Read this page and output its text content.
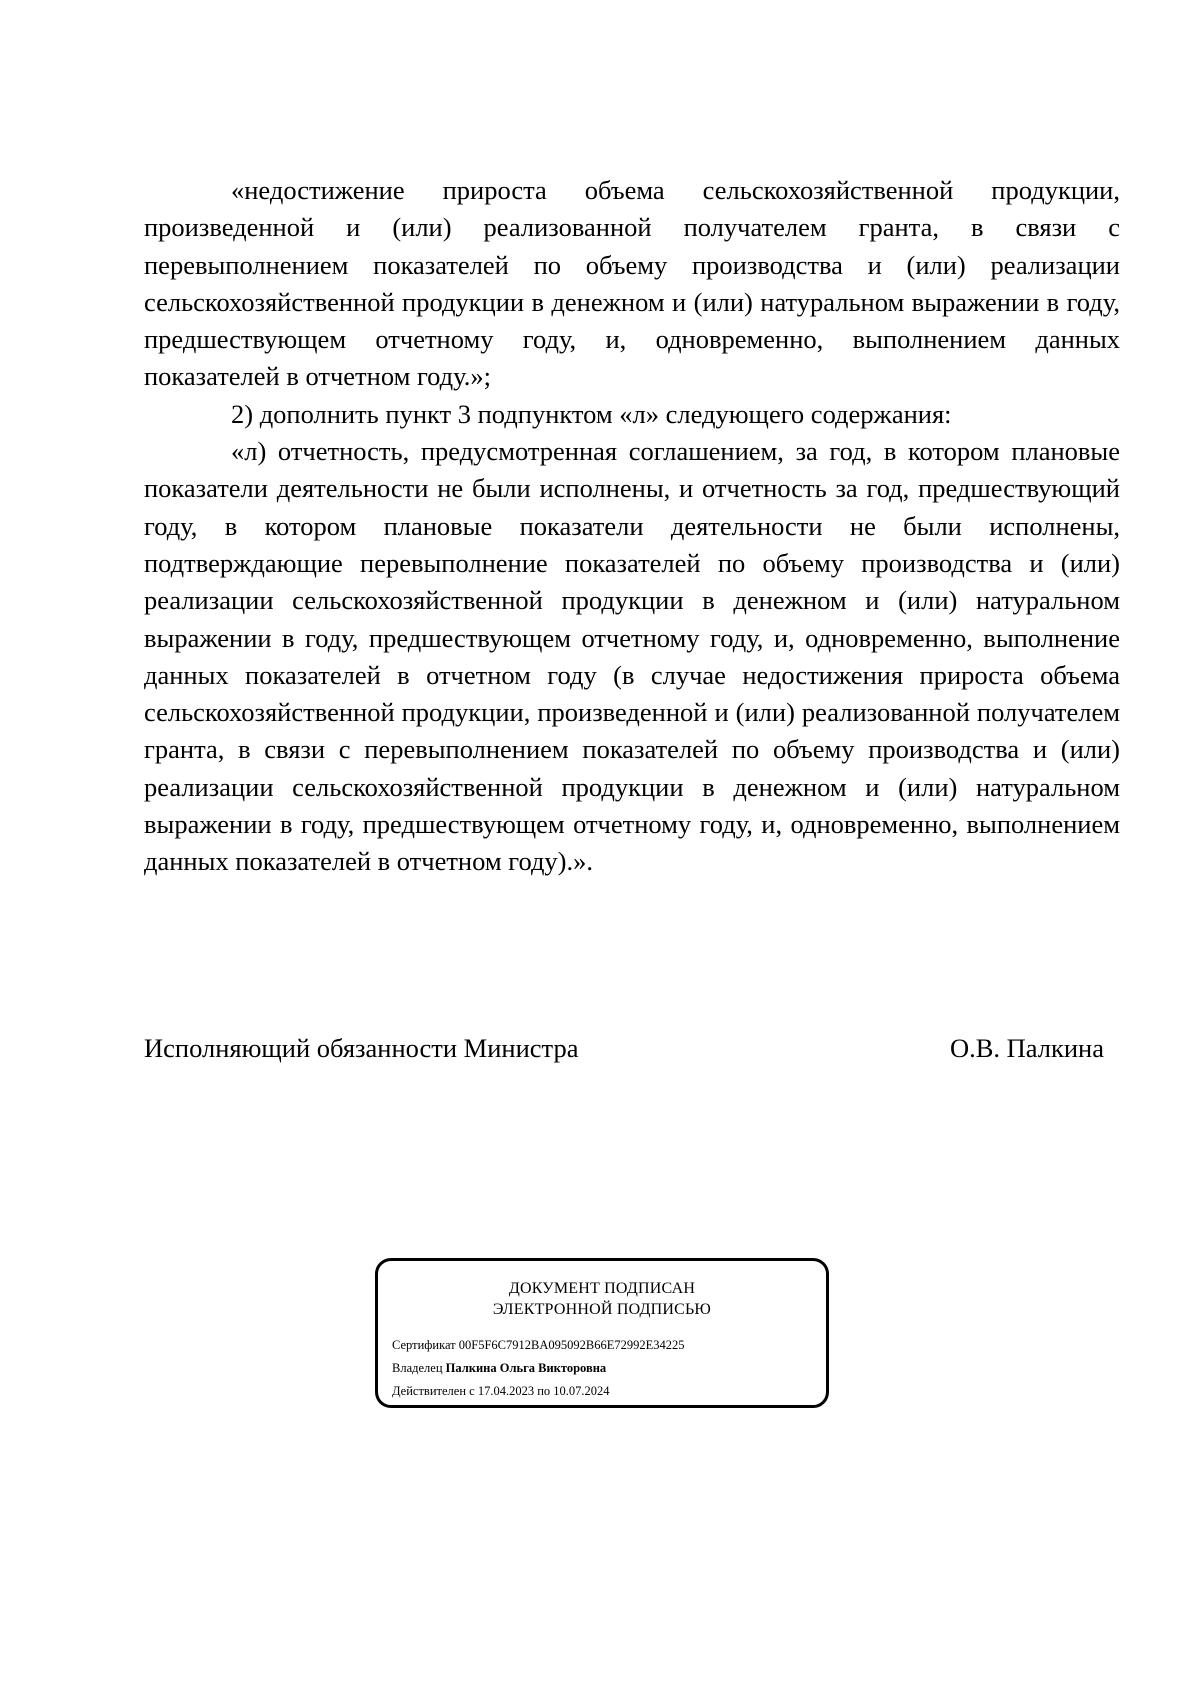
«недостижение прироста объема сельскохозяйственной продукции, произведенной и (или) реализованной получателем гранта, в связи с перевыполнением показателей по объему производства и (или) реализации сельскохозяйственной продукции в денежном и (или) натуральном выражении в году, предшествующем отчетному году, и, одновременно, выполнением данных показателей в отчетном году.»;

2) дополнить пункт 3 подпунктом «л» следующего содержания:

«л) отчетность, предусмотренная соглашением, за год, в котором плановые показатели деятельности не были исполнены, и отчетность за год, предшествующий году, в котором плановые показатели деятельности не были исполнены, подтверждающие перевыполнение показателей по объему производства и (или) реализации сельскохозяйственной продукции в денежном и (или) натуральном выражении в году, предшествующем отчетному году, и, одновременно, выполнение данных показателей в отчетном году (в случае недостижения прироста объема сельскохозяйственной продукции, произведенной и (или) реализованной получателем гранта, в связи с перевыполнением показателей по объему производства и (или) реализации сельскохозяйственной продукции в денежном и (или) натуральном выражении в году, предшествующем отчетному году, и, одновременно, выполнением данных показателей в отчетном году).».

Исполняющий обязанности Министра	О.В. Палкина
ДОКУМЕНТ ПОДПИСАН
ЭЛЕКТРОННОЙ ПОДПИСЬЮ
Сертификат 00F5F6C7912BA095092B66E72992E34225
Владелец Палкина Ольга Викторовна
Действителен с 17.04.2023 по 10.07.2024
